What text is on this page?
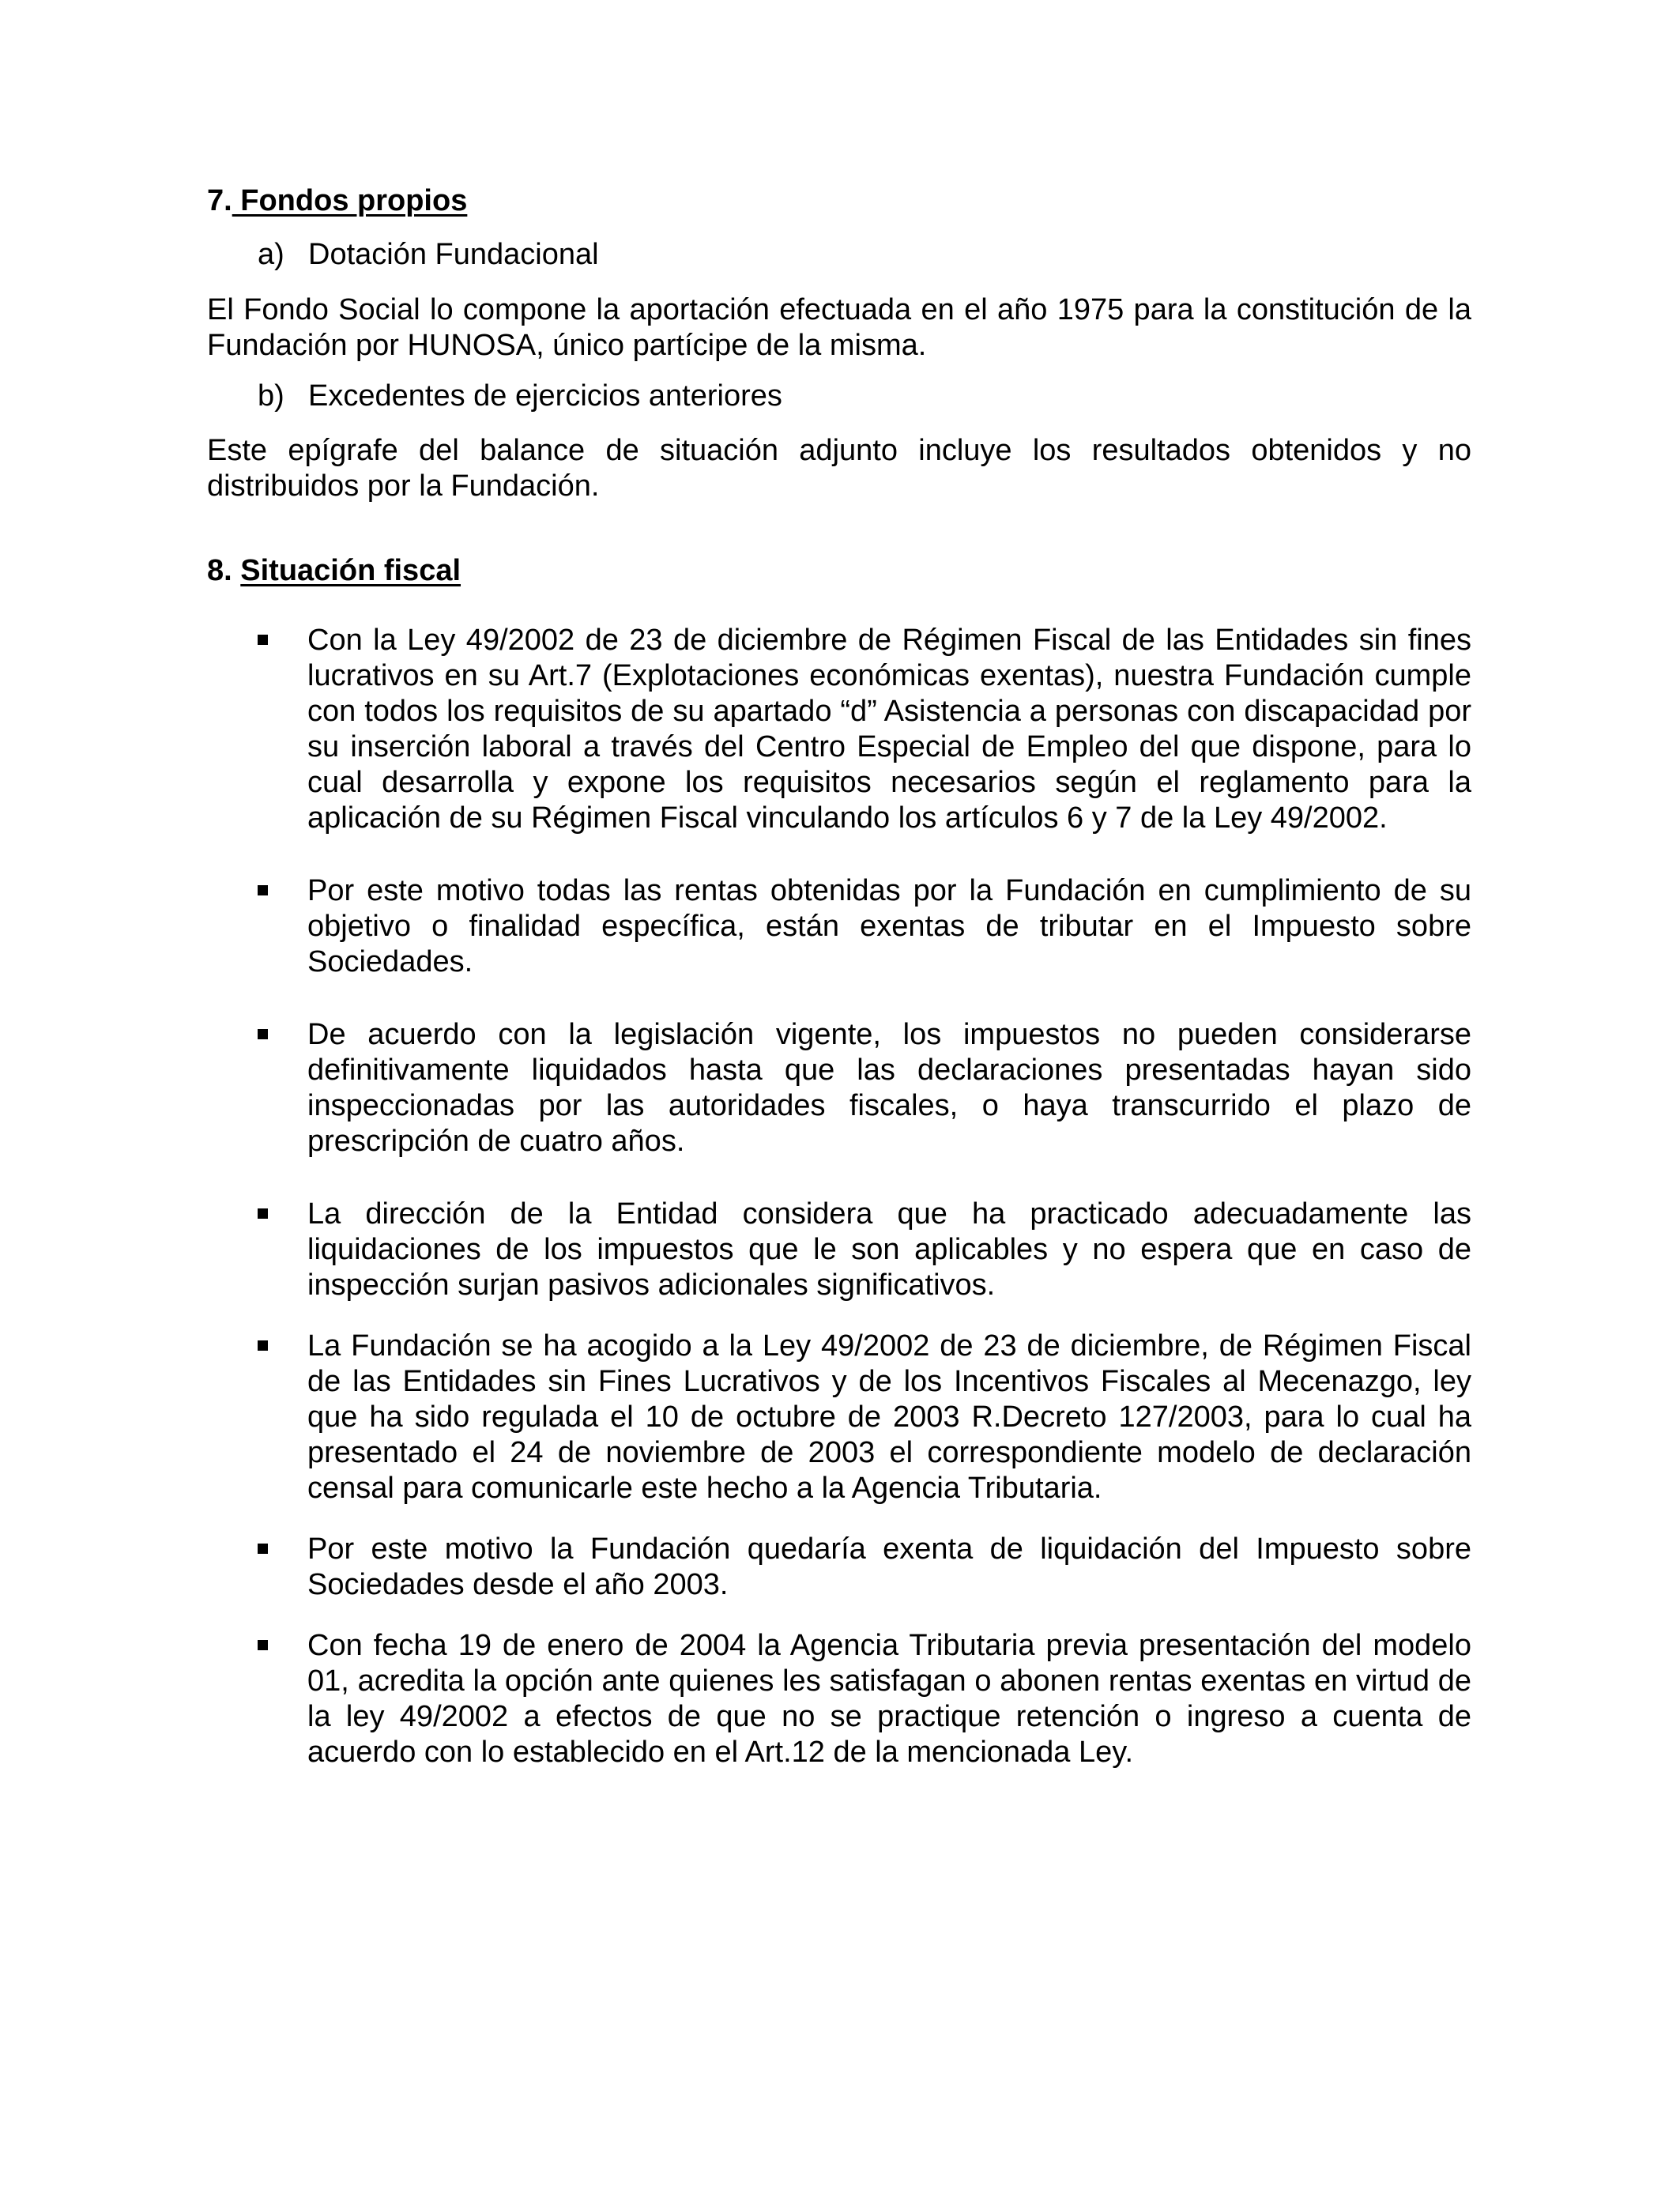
7. Fondos propios
a) Dotación Fundacional

El Fondo Social lo compone la aportación efectuada en el año 1975 para la constitución de la Fundación por HUNOSA, único partícipe de la misma.

b) Excedentes de ejercicios anteriores

Este epígrafe del balance de situación adjunto incluye los resultados obtenidos y no distribuidos por la Fundación.

8. Situación fiscal
Con la Ley 49/2002 de 23 de diciembre de Régimen Fiscal de las Entidades sin fines lucrativos en su Art.7 (Explotaciones económicas exentas), nuestra Fundación cumple con todos los requisitos de su apartado “d” Asistencia a personas con discapacidad por su inserción laboral a través del Centro Especial de Empleo del que dispone, para lo cual desarrolla y expone los requisitos necesarios según el reglamento para la aplicación de su Régimen Fiscal vinculando los artículos 6 y 7 de la Ley 49/2002.
Por este motivo todas las rentas obtenidas por la Fundación en cumplimiento de su objetivo o finalidad específica, están exentas de tributar en el Impuesto sobre Sociedades.
De acuerdo con la legislación vigente, los impuestos no pueden considerarse definitivamente liquidados hasta que las declaraciones presentadas hayan sido inspeccionadas por las autoridades fiscales, o haya transcurrido el plazo de prescripción de cuatro años.
La dirección de la Entidad considera que ha practicado adecuadamente las liquidaciones de los impuestos que le son aplicables y no espera que en caso de inspección surjan pasivos adicionales significativos.
La Fundación se ha acogido a la Ley 49/2002 de 23 de diciembre, de Régimen Fiscal de las Entidades sin Fines Lucrativos y de los Incentivos Fiscales al Mecenazgo, ley que ha sido regulada el 10 de octubre de 2003 R.Decreto 127/2003, para lo cual ha presentado el 24 de noviembre de 2003 el correspondiente modelo de declaración censal para comunicarle este hecho a la Agencia Tributaria.
Por este motivo la Fundación quedaría exenta de liquidación del Impuesto sobre Sociedades desde el año 2003.
Con fecha 19 de enero de 2004 la Agencia Tributaria previa presentación del modelo 01, acredita la opción ante quienes les satisfagan o abonen rentas exentas en virtud de la ley 49/2002 a efectos de que no se practique retención o ingreso a cuenta de acuerdo con lo establecido en el Art.12 de la mencionada Ley.
